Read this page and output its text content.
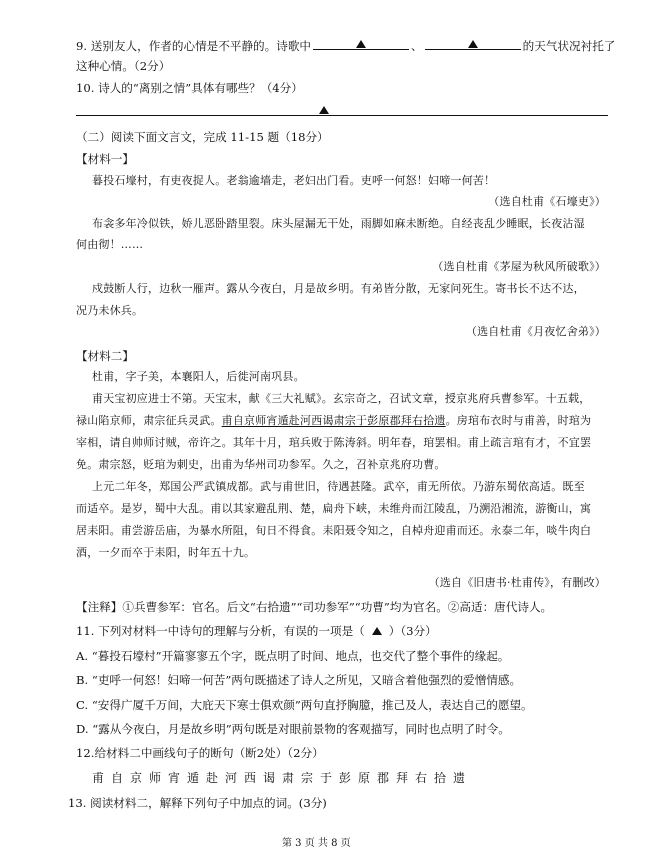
9. 送别友人，作者的心情是不平静的。诗歌中	、	的天气状况衬托了
这种心情。（2分）
10. 诗人的“离别之情”具体有哪些？（4分）
（二）阅读下面文言文，完成 11-15 题（18分）
【材料一】
暮投石壕村，有吏夜捉人。老翁逾墙走，老妇出门看。吏呼一何怒！妇啼一何苦！
（选自杜甫《石壕吏》）
布衾多年冷似铁，娇儿恶卧踏里裂。床头屋漏无干处，雨脚如麻未断绝。自经丧乱少睡眠，长夜沾湿
何由彻！……
（选自杜甫《茅屋为秋风所破歌》）
戍鼓断人行，边秋一雁声。露从今夜白，月是故乡明。有弟皆分散，无家问死生。寄书长不达不达，
况乃未休兵。
（选自杜甫《月夜忆舍弟》）
【材料二】
杜甫，字子美，本襄阳人，后徙河南巩县。
甫天宝初应进士不第。天宝末，献《三大礼赋》。玄宗奇之，召试文章，授京兆府兵曹参军。十五载，
禄山陷京师，肃宗征兵灵武。甫自京师宵遁赴河西谒肃宗于彭原郡拜右拾遗。房琯布衣时与甫善，时琯为
宰相，请自帅师讨贼，帝许之。其年十月，琯兵败于陈涛斜。明年春，琯罢相。甫上疏言琯有才，不宜罢
免。肃宗怒，贬琯为刺史，出甫为华州司功参军。久之，召补京兆府功曹。
上元二年冬，郑国公严武镇成都。武与甫世旧，待遇甚隆。武卒，甫无所依。乃游东蜀依高适。既至
而适卒。是岁，蜀中大乱。甫以其家避乱荆、楚，扁舟下峡，未维舟而江陵乱，乃溯沿湘流，游衡山，寓
居耒阳。甫尝游岳庙，为暴水所阻，旬日不得食。耒阳聂令知之，自棹舟迎甫而还。永泰二年，啖牛肉白
酒，一夕而卒于耒阳，时年五十九。
（选自《旧唐书·杜甫传》，有删改）
【注释】①兵曹参军：官名。后文“右拾遗”“司功参军”“功曹”均为官名。②高适：唐代诗人。
11. 下列对材料一中诗句的理解与分析，有误的一项是（ ）（3分）
A. “暮投石壕村”开篇寥寥五个字，既点明了时间、地点，也交代了整个事件的缘起。
B. “吏呼一何怒！妇啼一何苦”两句既描述了诗人之所见，又暗含着他强烈的爱憎情感。
C. “安得广厦千万间，大庇天下寒士俱欢颜”两句直抒胸臆，推己及人，表达自己的愿望。
D. “露从今夜白，月是故乡明”两句既是对眼前景物的客观描写，同时也点明了时令。
12.给材料二中画线句子的断句（断2处）（2分）
甫自京师宵遁赴河西谒肃宗于彭原郡拜右拾遗
13. 阅读材料二，解释下列句子中加点的词。(3分)
第 3 页 共 8 页
